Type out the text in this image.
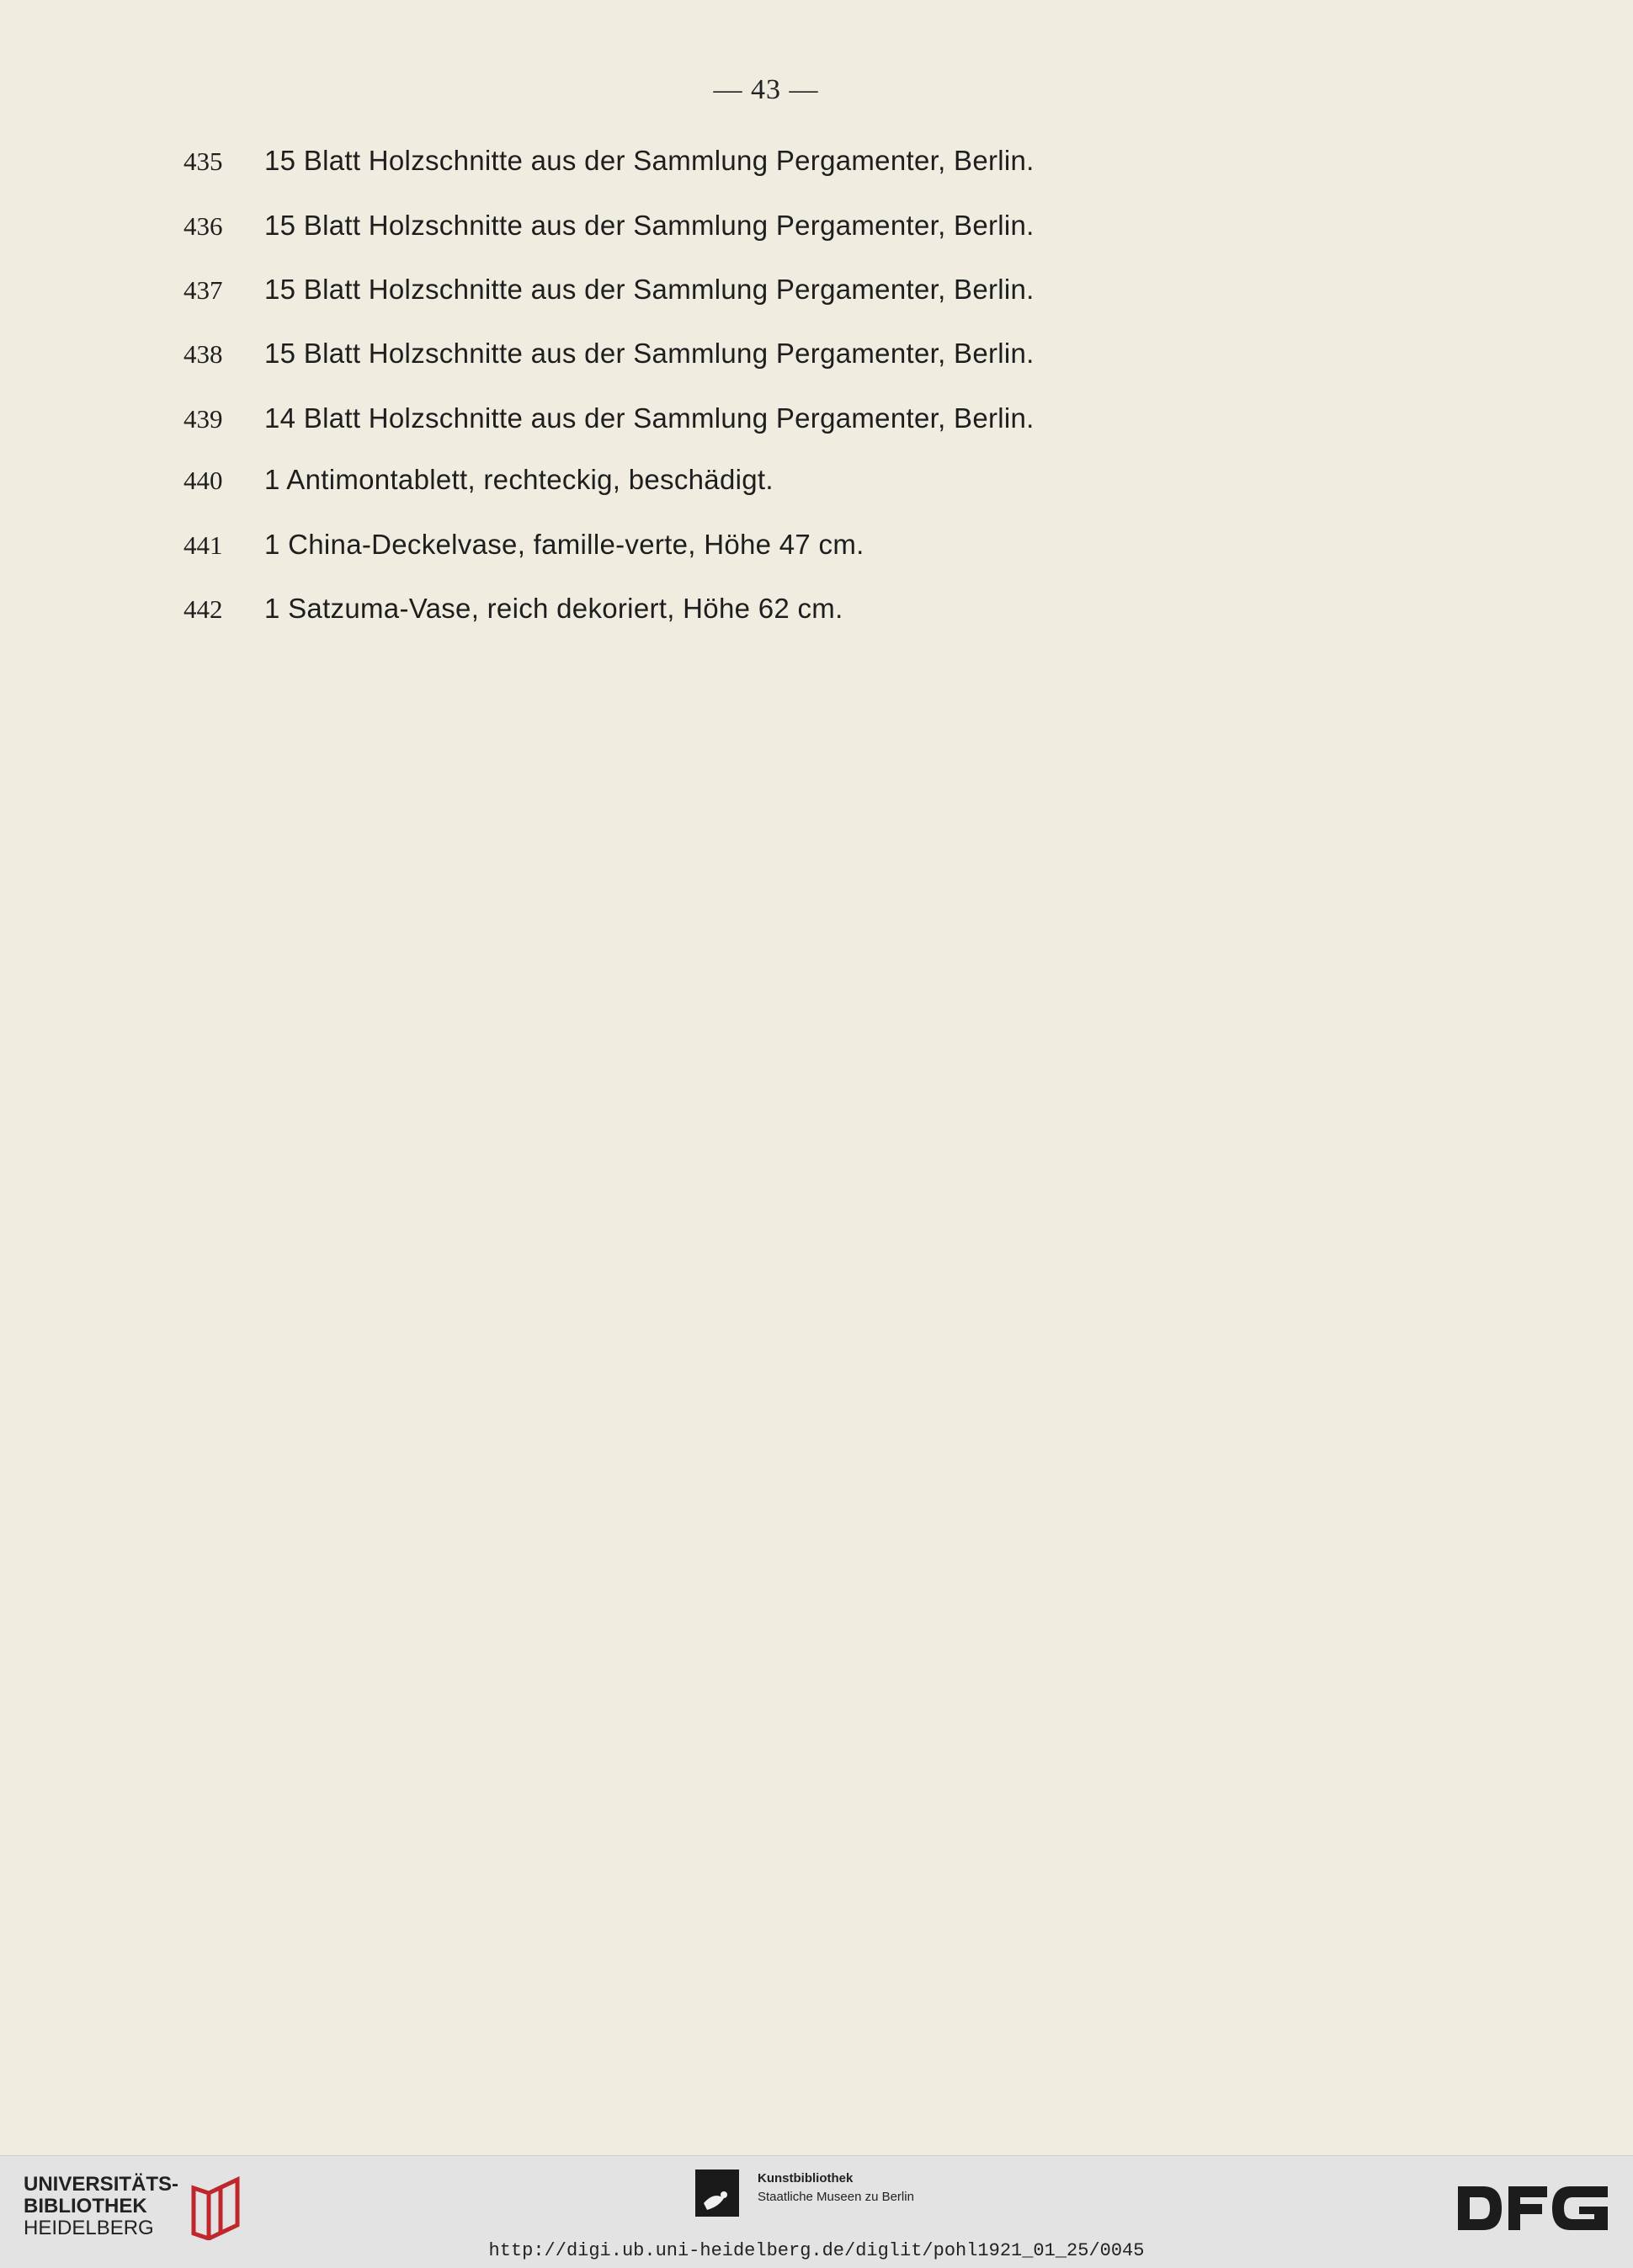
— 43 —
435	15 Blatt Holzschnitte aus der Sammlung Pergamenter, Berlin.
436	15 Blatt Holzschnitte aus der Sammlung Pergamenter, Berlin.
437	15 Blatt Holzschnitte aus der Sammlung Pergamenter, Berlin.
438	15 Blatt Holzschnitte aus der Sammlung Pergamenter, Berlin.
439	14 Blatt Holzschnitte aus der Sammlung Pergamenter, Berlin.
440	1 Antimontablett, rechteckig, beschädigt.
441	1 China-Deckelvase, famille-verte, Höhe 47 cm.
442	1 Satzuma-Vase, reich dekoriert, Höhe 62 cm.
UNIVERSITÄTS-
BIBLIOTHEK
HEIDELBERG
Kunstbibliothek
Staatliche Museen zu Berlin
http://digi.ub.uni-heidelberg.de/diglit/pohl1921_01_25/0045
